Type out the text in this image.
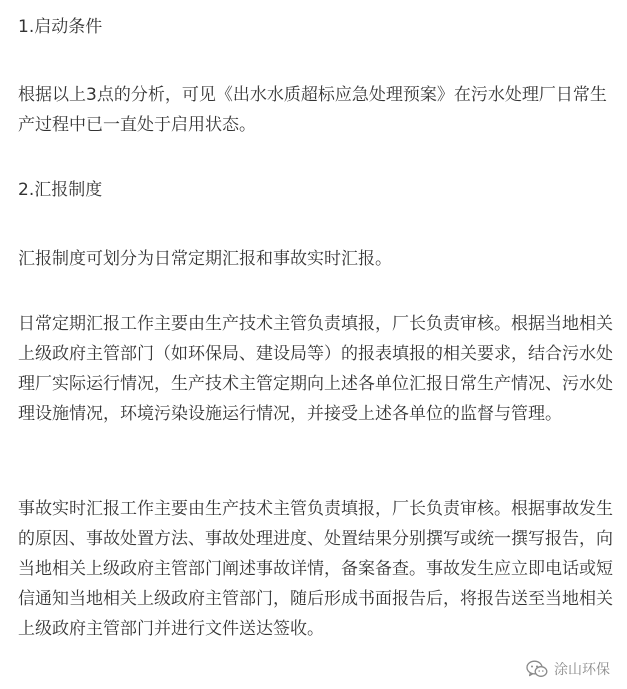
1.启动条件

根据以上3点的分析，可见《出水水质超标应急处理预案》在污水处理厂日常生产过程中已一直处于启用状态。

2.汇报制度

汇报制度可划分为日常定期汇报和事故实时汇报。

日常定期汇报工作主要由生产技术主管负责填报，厂长负责审核。根据当地相关上级政府主管部门（如环保局、建设局等）的报表填报的相关要求，结合污水处理厂实际运行情况，生产技术主管定期向上述各单位汇报日常生产情况、污水处理设施情况，环境污染设施运行情况，并接受上述各单位的监督与管理。

事故实时汇报工作主要由生产技术主管负责填报，厂长负责审核。根据事故发生的原因、事故处置方法、事故处理进度、处置结果分别撰写或统一撰写报告，向当地相关上级政府主管部门阐述事故详情，备案备查。事故发生应立即电话或短信通知当地相关上级政府主管部门，随后形成书面报告后，将报告送至当地相关上级政府主管部门并进行文件送达签收。

涂山环保
